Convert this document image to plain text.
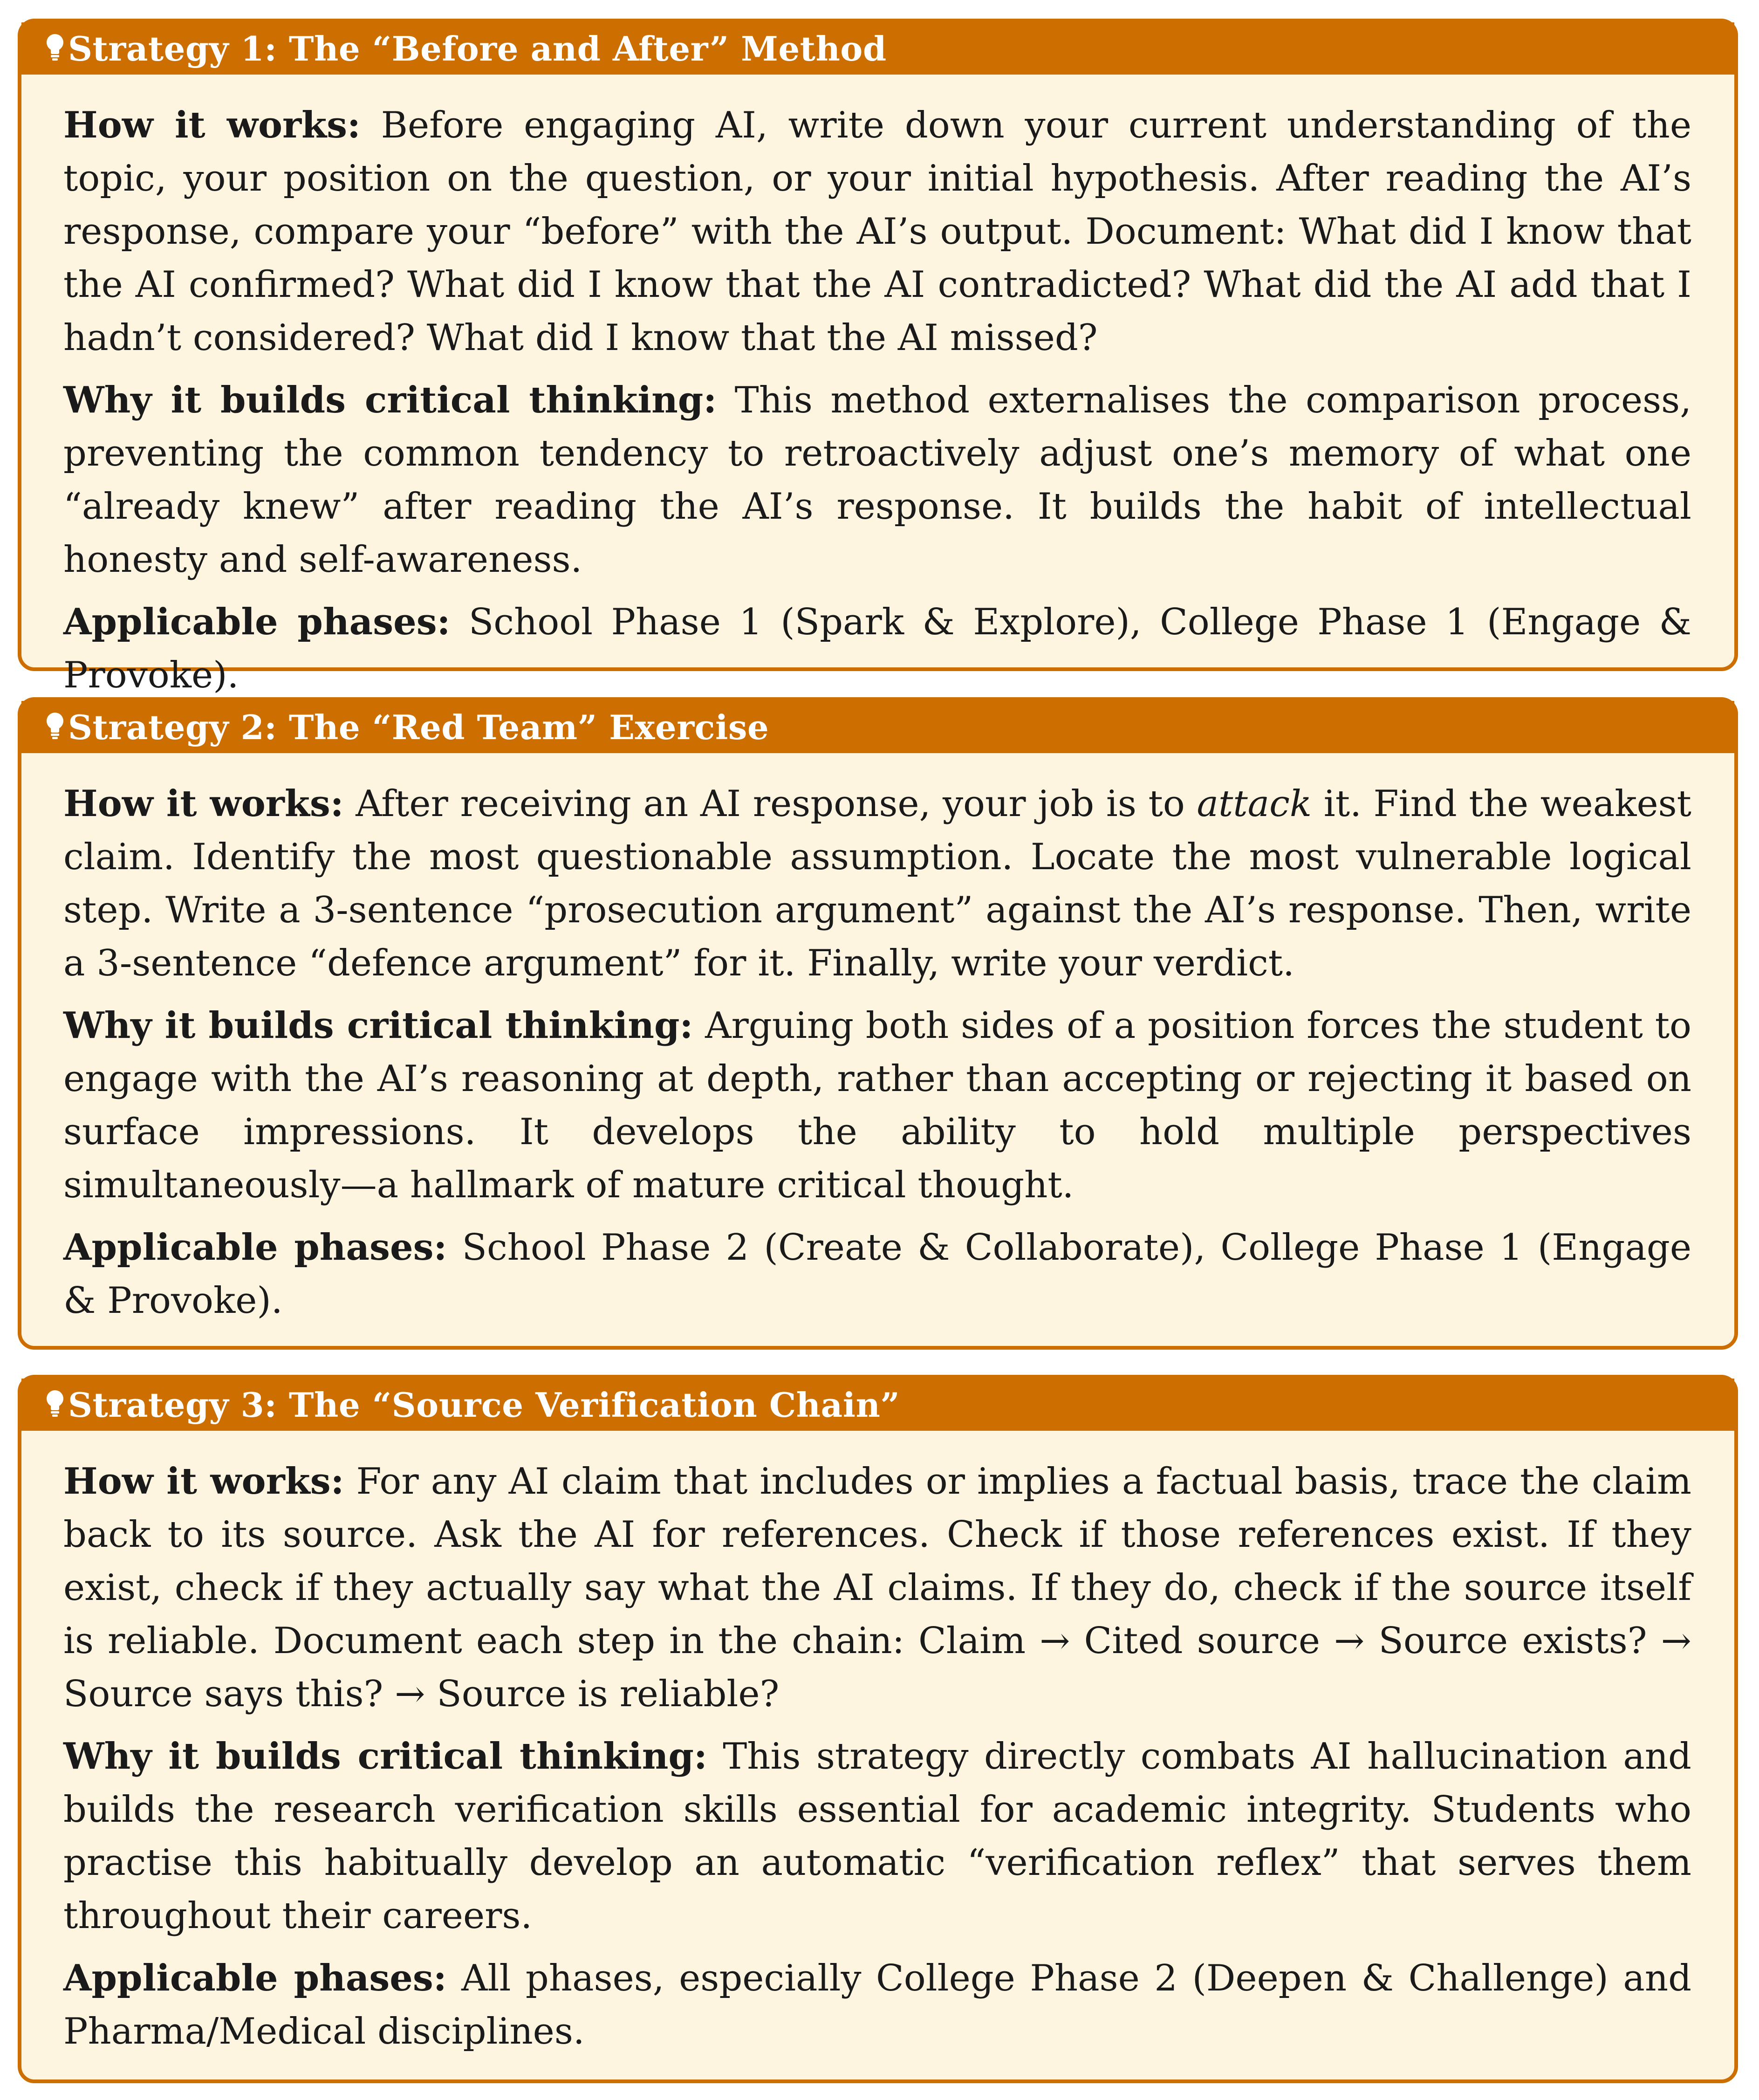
Strategy 1: The “Before and After” Method

How it works: Before engaging AI, write down your current understanding of the topic, your position on the question, or your initial hypothesis. After reading the AI’s response, compare your “before” with the AI’s output. Document: What did I know that the AI confirmed? What did I know that the AI contradicted? What did the AI add that I hadn’t considered? What did I know that the AI missed?

Why it builds critical thinking: This method externalises the comparison process, preventing the common tendency to retroactively adjust one’s memory of what one “already knew” after reading the AI’s response. It builds the habit of intellectual honesty and self-awareness.

Applicable phases: School Phase 1 (Spark & Explore), College Phase 1 (Engage & Provoke).

Strategy 2: The “Red Team” Exercise

How it works: After receiving an AI response, your job is to attack it. Find the weakest claim. Identify the most questionable assumption. Locate the most vulnerable logical step. Write a 3-sentence “prosecution argument” against the AI’s response. Then, write a 3-sentence “defence argument” for it. Finally, write your verdict.

Why it builds critical thinking: Arguing both sides of a position forces the student to engage with the AI’s reasoning at depth, rather than accepting or rejecting it based on surface impressions. It develops the ability to hold multiple perspectives simultaneously—a hallmark of mature critical thought.

Applicable phases: School Phase 2 (Create & Collaborate), College Phase 1 (Engage & Provoke).

Strategy 3: The “Source Verification Chain”

How it works: For any AI claim that includes or implies a factual basis, trace the claim back to its source. Ask the AI for references. Check if those references exist. If they exist, check if they actually say what the AI claims. If they do, check if the source itself is reliable. Document each step in the chain: Claim → Cited source → Source exists? → Source says this? → Source is reliable?

Why it builds critical thinking: This strategy directly combats AI hallucination and builds the research verification skills essential for academic integrity. Students who practise this habitually develop an automatic “verification reflex” that serves them throughout their careers.

Applicable phases: All phases, especially College Phase 2 (Deepen & Challenge) and Pharma/Medical disciplines.
